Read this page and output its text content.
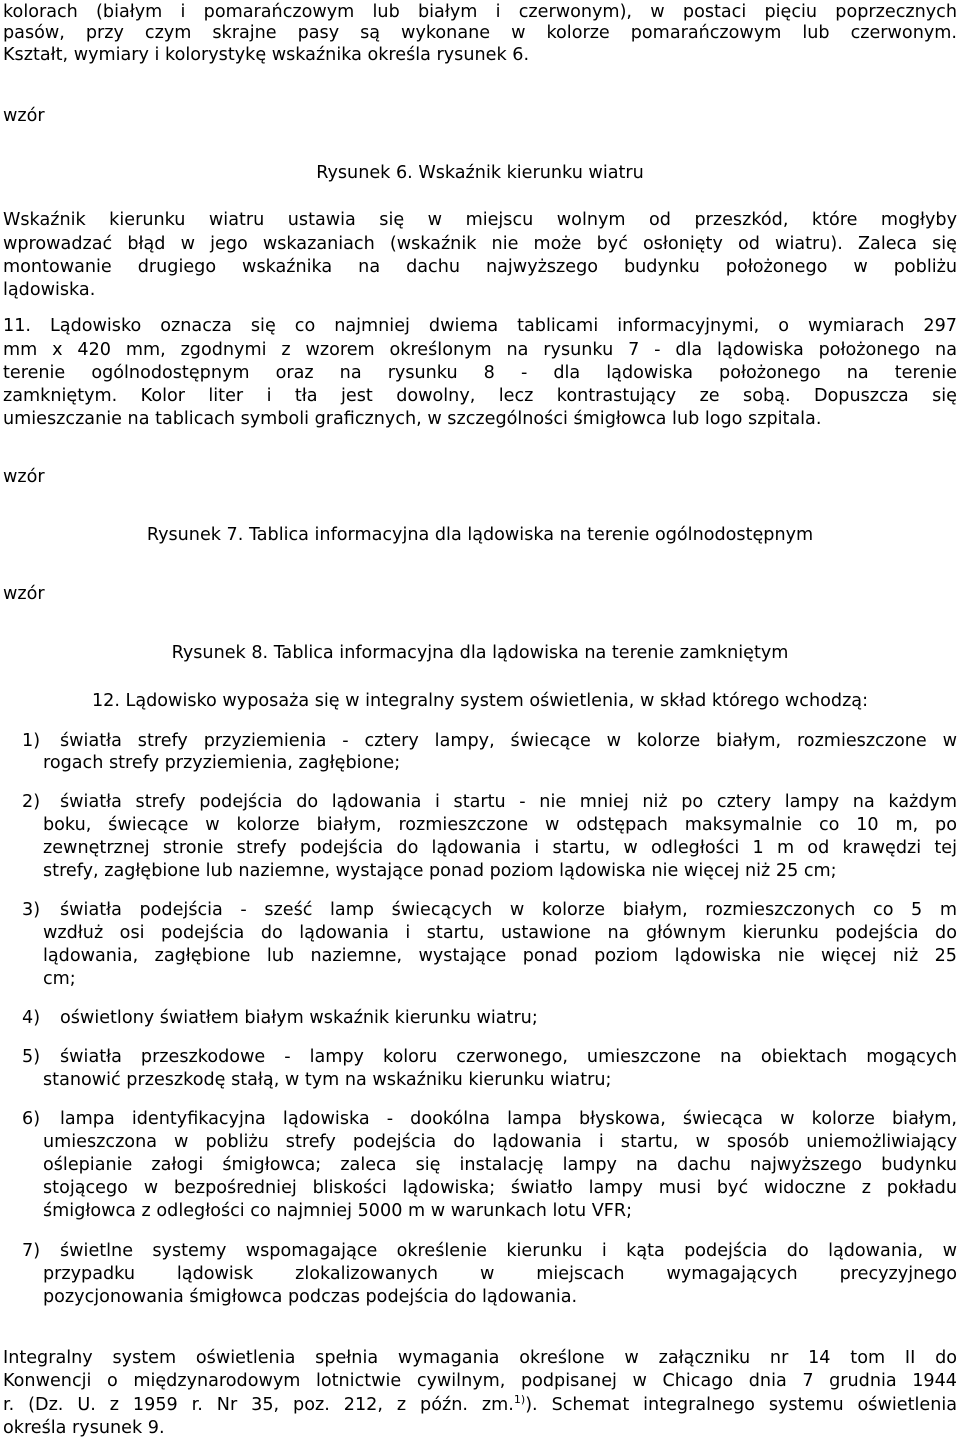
kolorach (białym i pomarańczowym lub białym i czerwonym), w postaci pięciu poprzecznych
pasów, przy czym skrajne pasy są wykonane w kolorze pomarańczowym lub czerwonym.
Kształt, wymiary i kolorystykę wskaźnika określa rysunek 6.
wzór
Rysunek 6. Wskaźnik kierunku wiatru
Wskaźnik kierunku wiatru ustawia się w miejscu wolnym od przeszkód, które mogłyby
wprowadzać błąd w jego wskazaniach (wskaźnik nie może być osłonięty od wiatru). Zaleca się
montowanie drugiego wskaźnika na dachu najwyższego budynku położonego w pobliżu
lądowiska.
11. Lądowisko oznacza się co najmniej dwiema tablicami informacyjnymi, o wymiarach 297
mm x 420 mm, zgodnymi z wzorem określonym na rysunku 7 - dla lądowiska położonego na
terenie ogólnodostępnym oraz na rysunku 8 - dla lądowiska położonego na terenie
zamkniętym. Kolor liter i tła jest dowolny, lecz kontrastujący ze sobą. Dopuszcza się
umieszczanie na tablicach symboli graficznych, w szczególności śmigłowca lub logo szpitala.
wzór
Rysunek 7. Tablica informacyjna dla lądowiska na terenie ogólnodostępnym
wzór
Rysunek 8. Tablica informacyjna dla lądowiska na terenie zamkniętym
12. Lądowisko wyposaża się w integralny system oświetlenia, w skład którego wchodzą:
1) światła strefy przyziemienia - cztery lampy, świecące w kolorze białym, rozmieszczone w
rogach strefy przyziemienia, zagłębione;
2) światła strefy podejścia do lądowania i startu - nie mniej niż po cztery lampy na każdym
boku, świecące w kolorze białym, rozmieszczone w odstępach maksymalnie co 10 m, po
zewnętrznej stronie strefy podejścia do lądowania i startu, w odległości 1 m od krawędzi tej
strefy, zagłębione lub naziemne, wystające ponad poziom lądowiska nie więcej niż 25 cm;
3) światła podejścia - sześć lamp świecących w kolorze białym, rozmieszczonych co 5 m
wzdłuż osi podejścia do lądowania i startu, ustawione na głównym kierunku podejścia do
lądowania, zagłębione lub naziemne, wystające ponad poziom lądowiska nie więcej niż 25
cm;
4) oświetlony światłem białym wskaźnik kierunku wiatru;
5) światła przeszkodowe - lampy koloru czerwonego, umieszczone na obiektach mogących
stanowić przeszkodę stałą, w tym na wskaźniku kierunku wiatru;
6) lampa identyfikacyjna lądowiska - dookólna lampa błyskowa, świecąca w kolorze białym,
umieszczona w pobliżu strefy podejścia do lądowania i startu, w sposób uniemożliwiający
oślepianie załogi śmigłowca; zaleca się instalację lampy na dachu najwyższego budynku
stojącego w bezpośredniej bliskości lądowiska; światło lampy musi być widoczne z pokładu
śmigłowca z odległości co najmniej 5000 m w warunkach lotu VFR;
7) świetlne systemy wspomagające określenie kierunku i kąta podejścia do lądowania, w
przypadku lądowisk zlokalizowanych w miejscach wymagających precyzyjnego
pozycjonowania śmigłowca podczas podejścia do lądowania.
Integralny system oświetlenia spełnia wymagania określone w załączniku nr 14 tom II do
Konwencji o międzynarodowym lotnictwie cywilnym, podpisanej w Chicago dnia 7 grudnia 1944
r. (Dz. U. z 1959 r. Nr 35, poz. 212, z późn. zm.$^{1)}$). Schemat integralnego systemu oświetlenia
określa rysunek 9.
